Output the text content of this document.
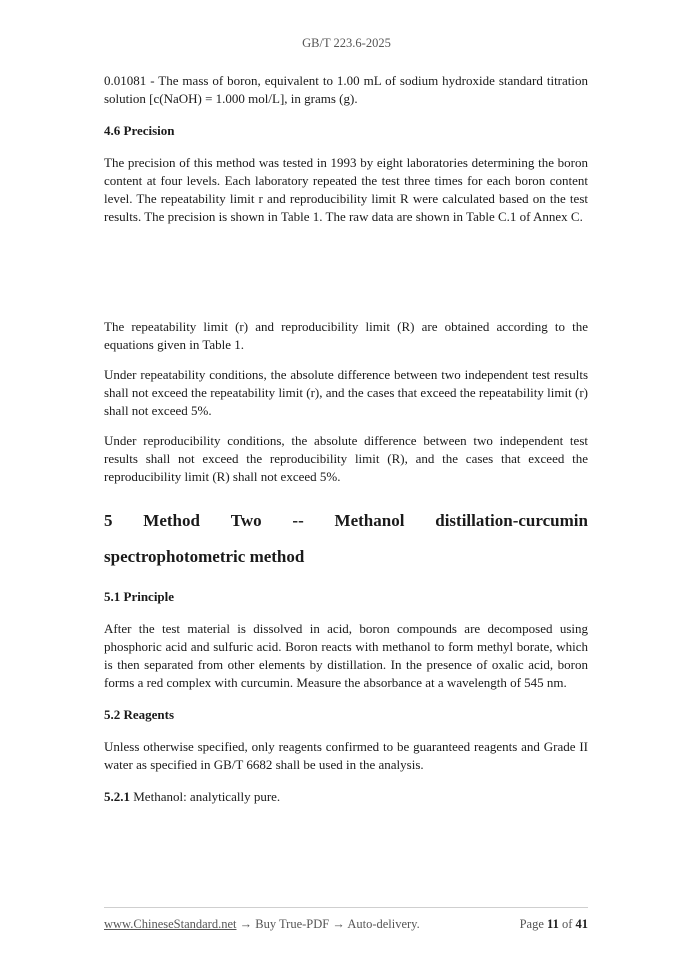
GB/T 223.6-2025

0.01081 - The mass of boron, equivalent to 1.00 mL of sodium hydroxide standard titration solution [c(NaOH) = 1.000 mol/L], in grams (g).

4.6 Precision

The precision of this method was tested in 1993 by eight laboratories determining the boron content at four levels. Each laboratory repeated the test three times for each boron content level. The repeatability limit r and reproducibility limit R were calculated based on the test results. The precision is shown in Table 1. The raw data are shown in Table C.1 of Annex C.

The repeatability limit (r) and reproducibility limit (R) are obtained according to the equations given in Table 1.

Under repeatability conditions, the absolute difference between two independent test results shall not exceed the repeatability limit (r), and the cases that exceed the repeatability limit (r) shall not exceed 5%.

Under reproducibility conditions, the absolute difference between two independent test results shall not exceed the reproducibility limit (R), and the cases that exceed the reproducibility limit (R) shall not exceed 5%.

5 Method Two -- Methanol distillation-curcumin
spectrophotometric method
5.1 Principle

After the test material is dissolved in acid, boron compounds are decomposed using phosphoric acid and sulfuric acid. Boron reacts with methanol to form methyl borate, which is then separated from other elements by distillation. In the presence of oxalic acid, boron forms a red complex with curcumin. Measure the absorbance at a wavelength of 545 nm.

5.2 Reagents

Unless otherwise specified, only reagents confirmed to be guaranteed reagents and Grade II water as specified in GB/T 6682 shall be used in the analysis.

5.2.1 Methanol: analytically pure.

www.ChineseStandard.net → Buy True-PDF → Auto-delivery.	Page 11 of 41
